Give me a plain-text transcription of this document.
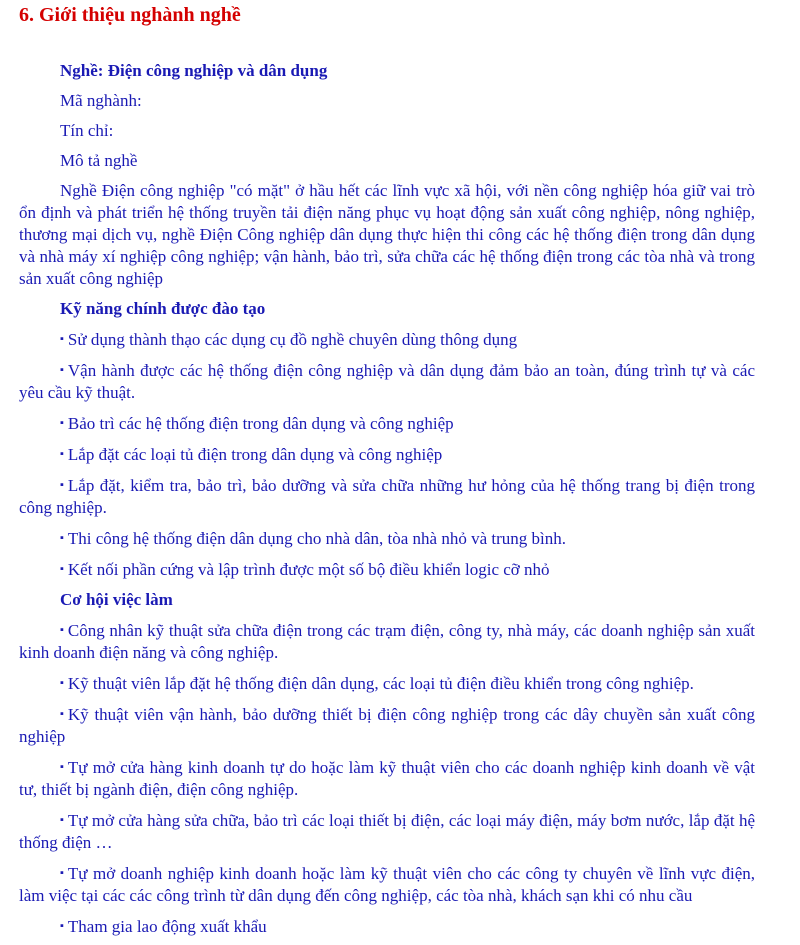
6. Giới thiệu nghành nghề

Nghề: Điện công nghiệp và dân dụng

Mã nghành:

Tín chỉ:

Mô tả nghề

Nghề Điện công nghiệp "có mặt" ở hầu hết các lĩnh vực xã hội, với nền công nghiệp hóa giữ vai trò ổn định và phát triển hệ thống truyền tải điện năng phục vụ hoạt động sản xuất công nghiệp, nông nghiệp, thương mại dịch vụ, nghề Điện Công nghiệp dân dụng thực hiện thi công các hệ thống điện trong dân dụng và nhà máy xí nghiệp công nghiệp; vận hành, bảo trì, sửa chữa các hệ thống điện trong các tòa nhà và trong sản xuất công nghiệp

Kỹ năng chính được đào tạo

▪ Sử dụng thành thạo các dụng cụ đồ nghề chuyên dùng thông dụng

▪ Vận hành được các hệ thống điện công nghiệp và dân dụng đảm bảo an toàn, đúng trình tự và các yêu cầu kỹ thuật.

▪ Bảo trì các hệ thống điện trong dân dụng và công nghiệp

▪ Lắp đặt các loại tủ điện trong dân dụng và công nghiệp

▪ Lắp đặt, kiểm tra, bảo trì, bảo dưỡng và sửa chữa những hư hỏng của hệ thống trang bị điện trong công nghiệp.

▪ Thi công hệ thống điện dân dụng cho nhà dân, tòa nhà nhỏ và trung bình.

▪ Kết nối phần cứng và lập trình được một số bộ điều khiển logic cỡ nhỏ

Cơ hội việc làm

▪ Công nhân kỹ thuật sửa chữa điện trong các trạm điện, công ty, nhà máy, các doanh nghiệp sản xuất kinh doanh điện năng và công nghiệp.

▪ Kỹ thuật viên lắp đặt hệ thống điện dân dụng, các loại tủ điện điều khiển trong công nghiệp.

▪ Kỹ thuật viên vận hành, bảo dưỡng thiết bị điện công nghiệp trong các dây chuyền sản xuất công nghiệp

▪ Tự mở cửa hàng kinh doanh tự do hoặc làm kỹ thuật viên cho các doanh nghiệp kinh doanh về vật tư, thiết bị ngành điện, điện công nghiệp.

▪ Tự mở cửa hàng sửa chữa, bảo trì các loại thiết bị điện, các loại máy điện, máy bơm nước, lắp đặt hệ thống điện …

▪ Tự mở doanh nghiệp kinh doanh hoặc làm kỹ thuật viên cho các công ty chuyên về lĩnh vực điện, làm việc tại các các công trình từ dân dụng đến công nghiệp, các tòa nhà, khách sạn khi có nhu cầu

▪ Tham gia lao động xuất khẩu
